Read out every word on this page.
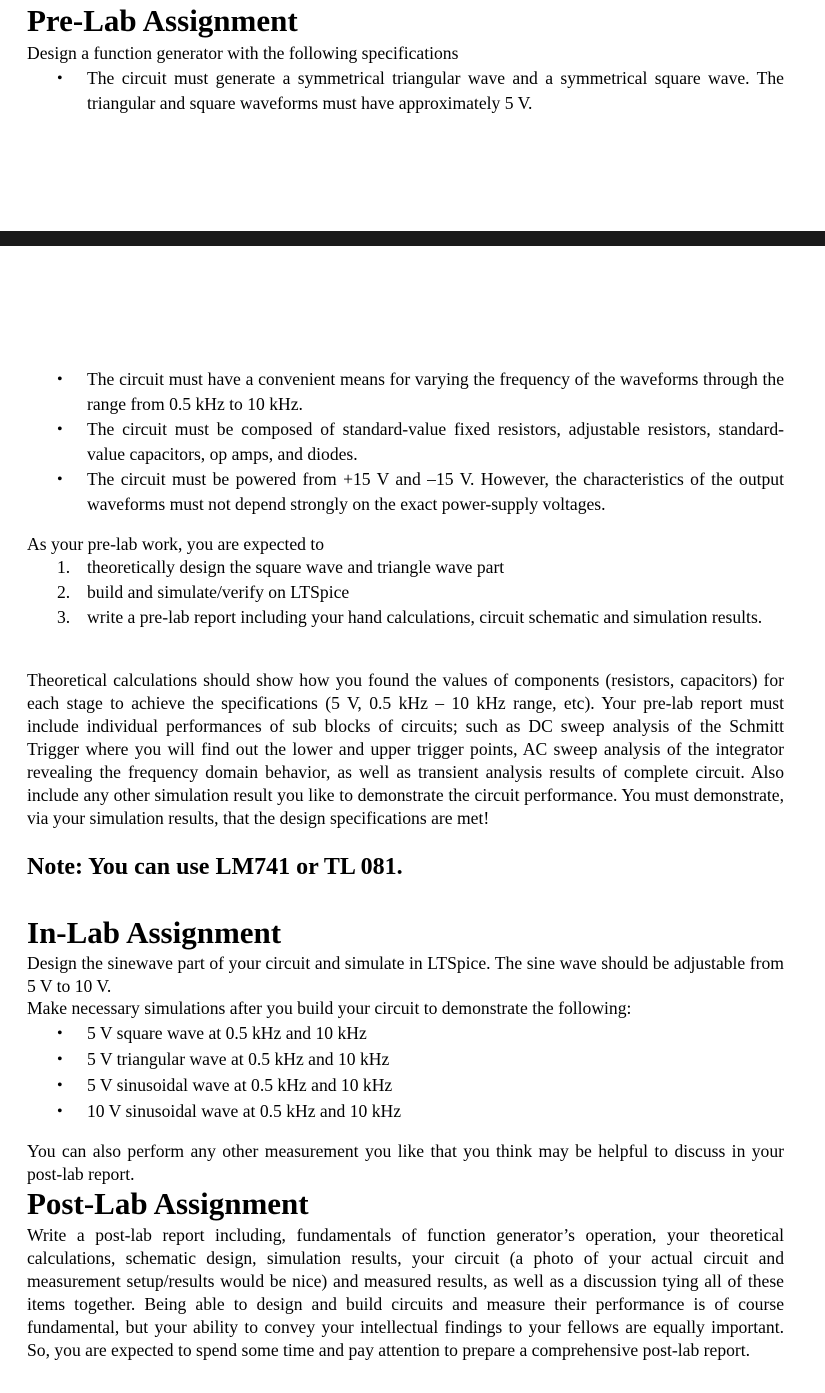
Pre-Lab Assignment
Design a function generator with the following specifications
• The circuit must generate a symmetrical triangular wave and a symmetrical square wave. The triangular and square waveforms must have approximately 5 V.
• The circuit must have a convenient means for varying the frequency of the waveforms through the range from 0.5 kHz to 10 kHz.
• The circuit must be composed of standard-value fixed resistors, adjustable resistors, standard-value capacitors, op amps, and diodes.
• The circuit must be powered from +15 V and –15 V. However, the characteristics of the output waveforms must not depend strongly on the exact power-supply voltages.
As your pre-lab work, you are expected to
1. theoretically design the square wave and triangle wave part
2. build and simulate/verify on LTSpice
3. write a pre-lab report including your hand calculations, circuit schematic and simulation results.

Theoretical calculations should show how you found the values of components (resistors, capacitors) for each stage to achieve the specifications (5 V, 0.5 kHz – 10 kHz range, etc). Your pre-lab report must include individual performances of sub blocks of circuits; such as DC sweep analysis of the Schmitt Trigger where you will find out the lower and upper trigger points, AC sweep analysis of the integrator revealing the frequency domain behavior, as well as transient analysis results of complete circuit. Also include any other simulation result you like to demonstrate the circuit performance. You must demonstrate, via your simulation results, that the design specifications are met!

Note: You can use LM741 or TL 081.
In-Lab Assignment

Design the sinewave part of your circuit and simulate in LTSpice. The sine wave should be adjustable from 5 V to 10 V.

Make necessary simulations after you build your circuit to demonstrate the following:
• 5 V square wave at 0.5 kHz and 10 kHz
• 5 V triangular wave at 0.5 kHz and 10 kHz
• 5 V sinusoidal wave at 0.5 kHz and 10 kHz
• 10 V sinusoidal wave at 0.5 kHz and 10 kHz

You can also perform any other measurement you like that you think may be helpful to discuss in your post-lab report.

Post-Lab Assignment

Write a post-lab report including, fundamentals of function generator’s operation, your theoretical calculations, schematic design, simulation results, your circuit (a photo of your actual circuit and measurement setup/results would be nice) and measured results, as well as a discussion tying all of these items together. Being able to design and build circuits and measure their performance is of course fundamental, but your ability to convey your intellectual findings to your fellows are equally important. So, you are expected to spend some time and pay attention to prepare a comprehensive post-lab report.
